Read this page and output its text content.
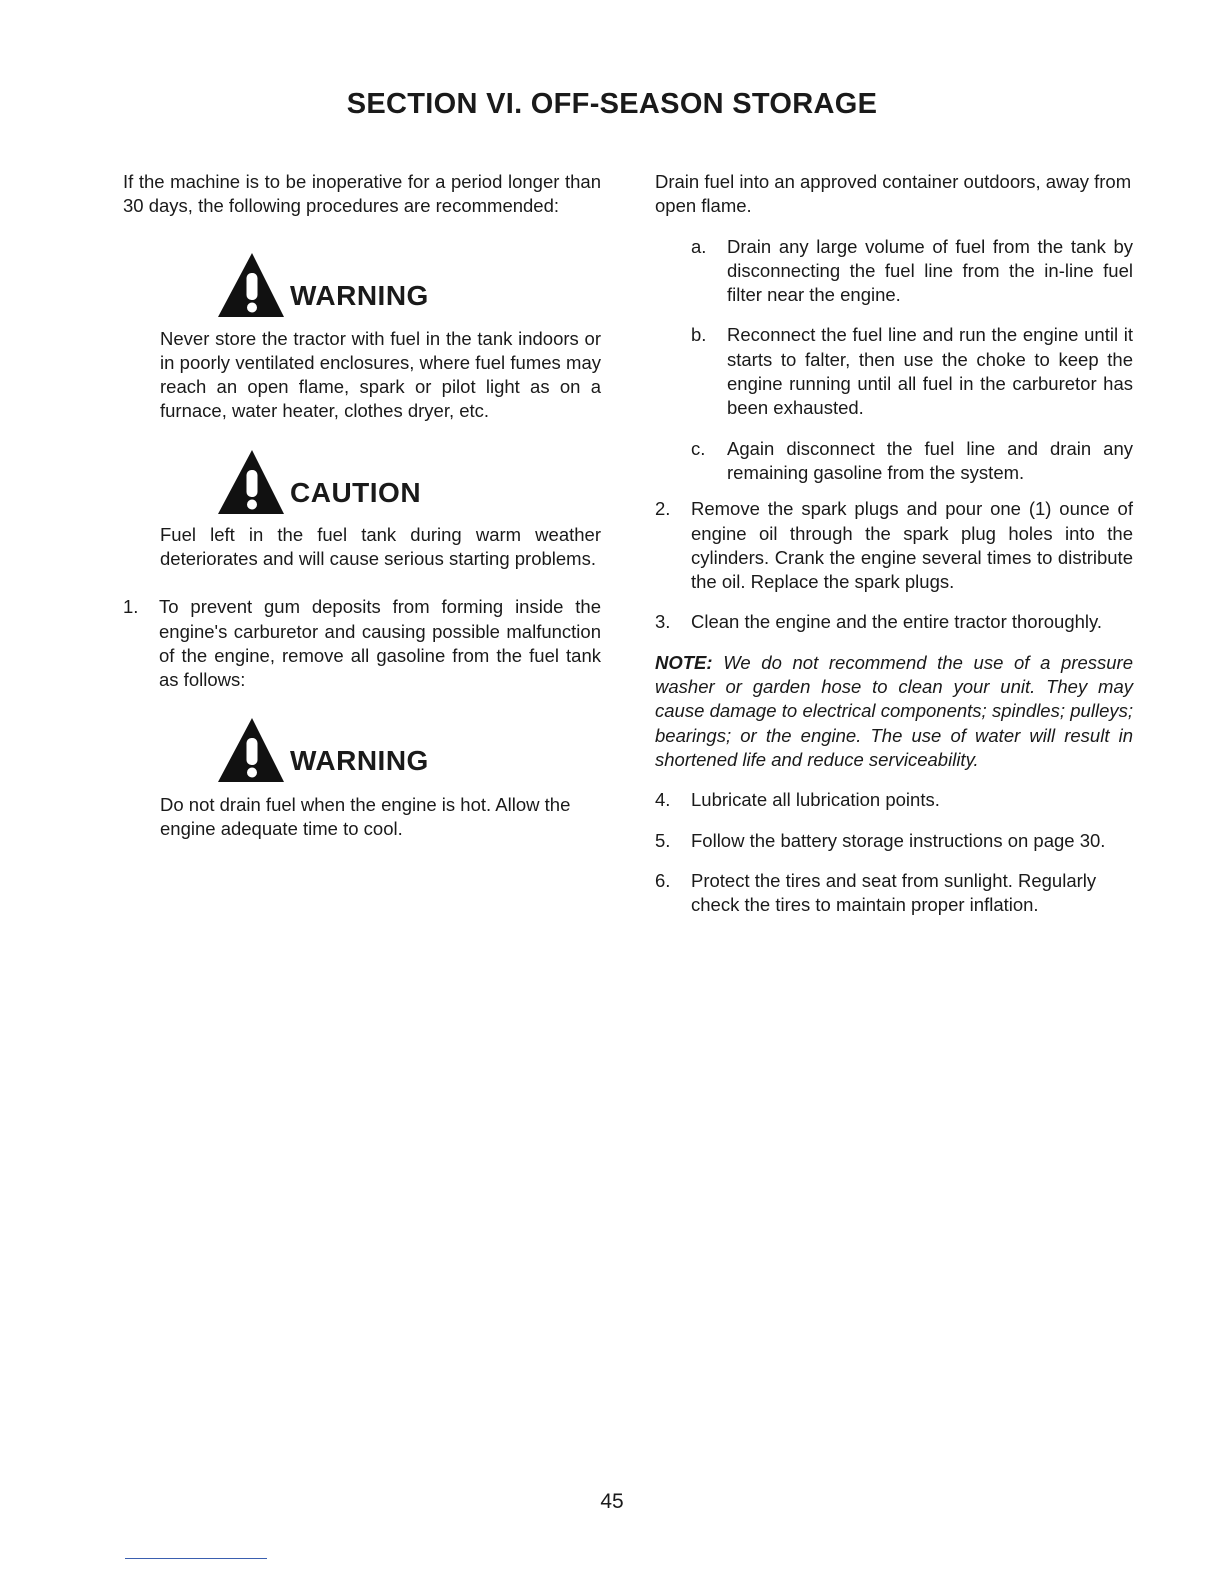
SECTION VI. OFF-SEASON STORAGE

If the machine is to be inoperative for a period longer than 30 days, the following procedures are recommended:

WARNING

Never store the tractor with fuel in the tank indoors or in poorly ventilated enclosures, where fuel fumes may reach an open flame, spark or pilot light as on a furnace, water heater, clothes dryer, etc.

CAUTION

Fuel left in the fuel tank during warm weather deteriorates and will cause serious starting problems.

1.	To prevent gum deposits from forming inside the engine's carburetor and causing possible malfunction of the engine, remove all gasoline from the fuel tank as follows:
WARNING

Do not drain fuel when the engine is hot. Allow the engine adequate time to cool.

Drain fuel into an approved container outdoors, away from open flame.

a.	Drain any large volume of fuel from the tank by disconnecting the fuel line from the in-line fuel filter near the engine.
b.	Reconnect the fuel line and run the engine until it starts to falter, then use the choke to keep the engine running until all fuel in the carburetor has been exhausted.
c.	Again disconnect the fuel line and drain any remaining gasoline from the system.
2.	Remove the spark plugs and pour one (1) ounce of engine oil through the spark plug holes into the cylinders. Crank the engine several times to distribute the oil. Replace the spark plugs.
3.	Clean the engine and the entire tractor thoroughly.

NOTE: We do not recommend the use of a pressure washer or garden hose to clean your unit. They may cause damage to electrical components; spindles; pulleys; bearings; or the engine. The use of water will result in shortened life and reduce serviceability.

4.	Lubricate all lubrication points.
5.	Follow the battery storage instructions on page 30.
6.	Protect the tires and seat from sunlight. Regularly check the tires to maintain proper inflation.
45
